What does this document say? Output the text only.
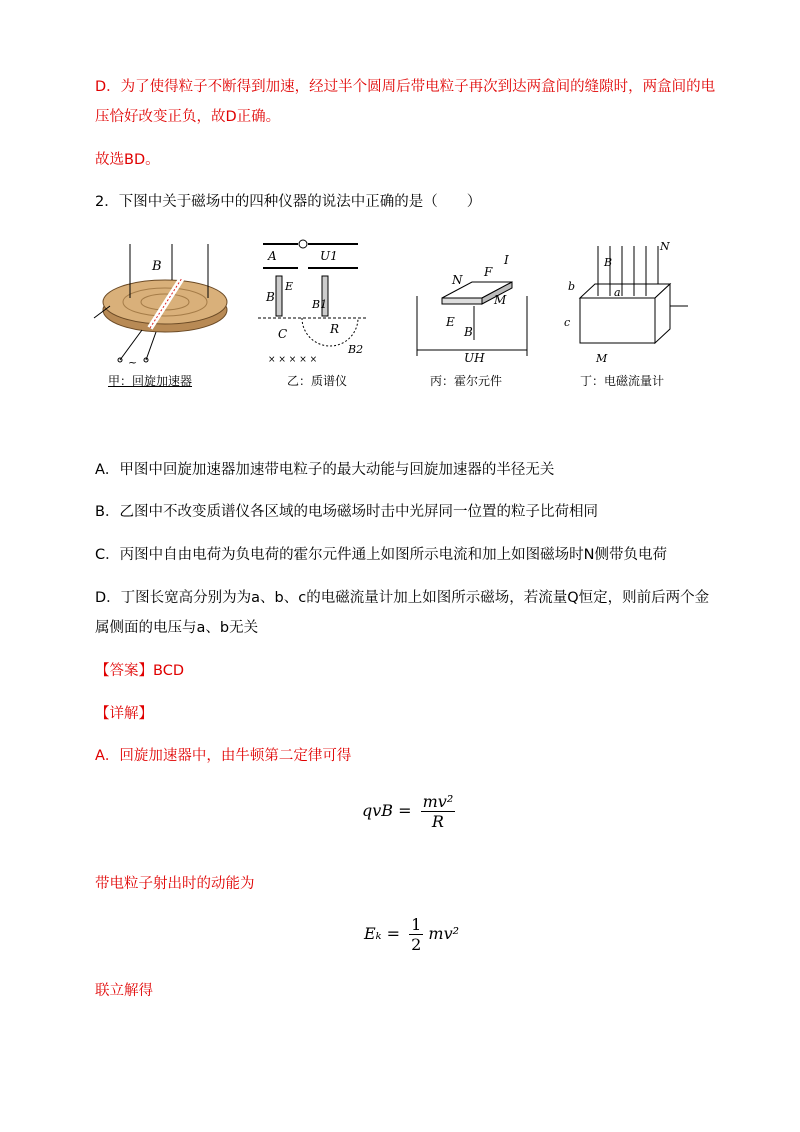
D．为了使得粒子不断得到加速，经过半个圆周后带电粒子再次到达两盒间的缝隙时，两盒间的电
压恰好改变正负，故D正确。
故选BD。
2．下图中关于磁场中的四种仪器的说法中正确的是（　　）
B
~
甲：回旋加速器
A	U1
B
E
B1
C	R
B2
× × × × ×
乙：质谱仪
N
F
I
M
E
B
UH
丙：霍尔元件
N
B
b	a
c
M
丁：电磁流量计
A．甲图中回旋加速器加速带电粒子的最大动能与回旋加速器的半径无关
B．乙图中不改变质谱仪各区域的电场磁场时击中光屏同一位置的粒子比荷相同
C．丙图中自由电荷为负电荷的霍尔元件通上如图所示电流和加上如图磁场时N侧带负电荷
D．丁图长宽高分别为为a、b、c的电磁流量计加上如图所示磁场，若流量Q恒定，则前后两个金
属侧面的电压与a、b无关
【答案】BCD
【详解】
A．回旋加速器中，由牛顿第二定律可得
qvB = $\frac{\text{mv²}}{R}$
带电粒子射出时的动能为
$E_k = \frac{1}{2} mv^2$
联立解得
